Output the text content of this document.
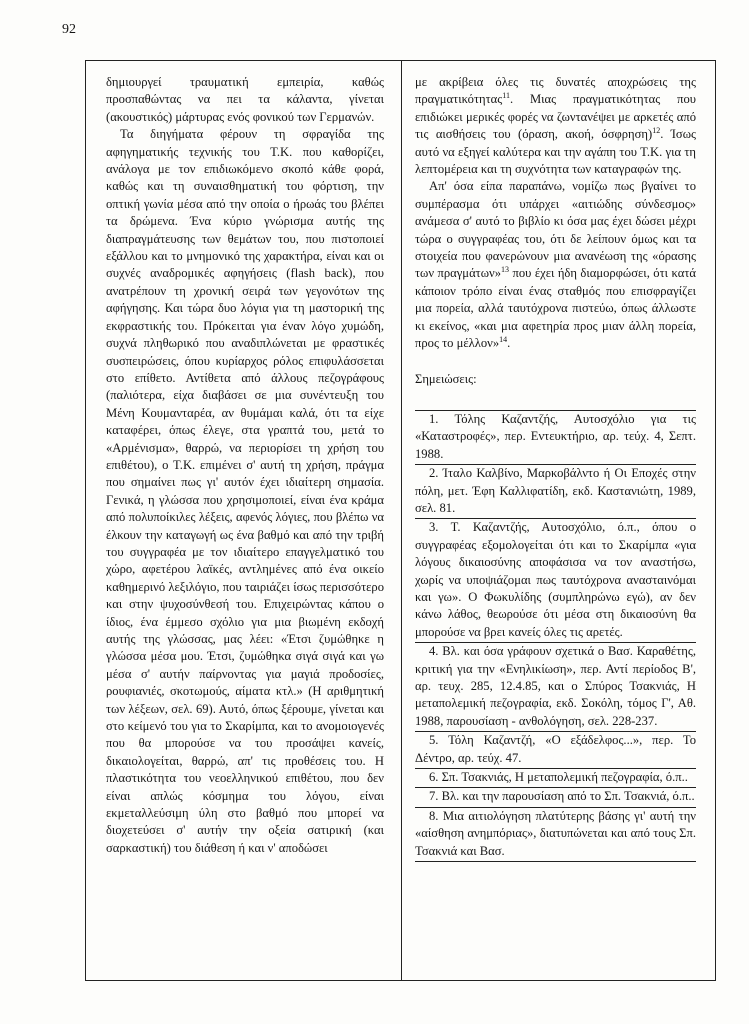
92

δημιουργεί τραυματική εμπειρία, καθώς προσπαθώντας να πει τα κάλαντα, γίνεται (ακουστικός) μάρτυρας ενός φονικού των Γερμανών.

Τα διηγήματα φέρουν τη σφραγίδα της αφηγηματικής τεχνικής του Τ.Κ. που καθορίζει, ανάλογα με τον επιδιωκόμενο σκοπό κάθε φορά, καθώς και τη συναισθηματική του φόρτιση, την οπτική γωνία μέσα από την οποία ο ήρωάς του βλέπει τα δρώμενα. Ένα κύριο γνώρισμα αυτής της διαπραγμάτευσης των θεμάτων του, που πιστοποιεί εξάλλου και το μνημονικό της χαρακτήρα, είναι και οι συχνές αναδρομικές αφηγήσεις (flash back), που ανατρέπουν τη χρονική σειρά των γεγονότων της αφήγησης. Και τώρα δυο λόγια για τη μαστορική της εκφραστικής του. Πρόκειται για έναν λόγο χυμώδη, συχνά πληθωρικό που αναδιπλώνεται με φραστικές συσπειρώσεις, όπου κυρίαρχος ρόλος επιφυλάσσεται στο επίθετο. Αντίθετα από άλλους πεζογράφους (παλιότερα, είχα διαβάσει σε μια συνέντευξη του Μένη Κουμανταρέα, αν θυμάμαι καλά, ότι τα είχε καταφέρει, όπως έλεγε, στα γραπτά του, μετά το «Αρμένισμα», θαρρώ, να περιορίσει τη χρήση του επιθέτου), ο Τ.Κ. επιμένει σ' αυτή τη χρήση, πράγμα που σημαίνει πως γι' αυτόν έχει ιδιαίτερη σημασία. Γενικά, η γλώσσα που χρησιμοποιεί, είναι ένα κράμα από πολυποίκιλες λέξεις, αφενός λόγιες, που βλέπω να έλκουν την καταγωγή ως ένα βαθμό και από την τριβή του συγγραφέα με τον ιδιαίτερο επαγγελματικό του χώρο, αφετέρου λαϊκές, αντλημένες από ένα οικείο καθημερινό λεξιλόγιο, που ταιριάζει ίσως περισσότερο και στην ψυχοσύνθεσή του. Επιχειρώντας κάπου ο ίδιος, ένα έμμεσο σχόλιο για μια βιωμένη εκδοχή αυτής της γλώσσας, μας λέει: «Έτσι ζυμώθηκε η γλώσσα μέσα μου. Έτσι, ζυμώθηκα σιγά σιγά και γω μέσα σ' αυτήν παίρνοντας για μαγιά προδοσίες, ρουφιανιές, σκοτωμούς, αίματα κτλ.» (Η αριθμητική των λέξεων, σελ. 69). Αυτό, όπως ξέρουμε, γίνεται και στο κείμενό του για το Σκαρίμπα, και το ανομοιογενές που θα μπορούσε να του προσάψει κανείς, δικαιολογείται, θαρρώ, απ' τις προθέσεις του. Η πλαστικότητα του νεοελληνικού επιθέτου, που δεν είναι απλώς κόσμημα του λόγου, είναι εκμεταλλεύσιμη ύλη στο βαθμό που μπορεί να διοχετεύσει σ' αυτήν την οξεία σατιρική (και σαρκαστική) του διάθεση ή και ν' αποδώσει

με ακρίβεια όλες τις δυνατές αποχρώσεις της πραγματικότητας$^{11}$. Μιας πραγματικότητας που επιδιώκει μερικές φορές να ζωντανέψει με αρκετές από τις αισθήσεις του (όραση, ακοή, όσφρηση)$^{12}$. Ίσως αυτό να εξηγεί καλύτερα και την αγάπη του Τ.Κ. για τη λεπτομέρεια και τη συχνότητα των καταγραφών της.

Απ' όσα είπα παραπάνω, νομίζω πως βγαίνει το συμπέρασμα ότι υπάρχει «αιτιώδης σύνδεσμος» ανάμεσα σ' αυτό το βιβλίο κι όσα μας έχει δώσει μέχρι τώρα ο συγγραφέας του, ότι δε λείπουν όμως και τα στοιχεία που φανερώνουν μια ανανέωση της «όρασης των πραγμάτων»$^{13}$ που έχει ήδη διαμορφώσει, ότι κατά κάποιον τρόπο είναι ένας σταθμός που επισφραγίζει μια πορεία, αλλά ταυτόχρονα πιστεύω, όπως άλλωστε κι εκείνος, «και μια αφετηρία προς μιαν άλλη πορεία, προς το μέλλον»$^{14}$.

Σημειώσεις:

1. Τόλης Καζαντζής, Αυτοσχόλιο για τις «Καταστροφές», περ. Εντευκτήριο, αρ. τεύχ. 4, Σεπτ. 1988.

2. Ίταλο Καλβίνο, Μαρκοβάλντο ή Οι Εποχές στην πόλη, μετ. Έφη Καλλιφατίδη, εκδ. Καστανιώτη, 1989, σελ. 81.

3. Τ. Καζαντζής, Αυτοσχόλιο, ό.π., όπου ο συγγραφέας εξομολογείται ότι και το Σκαρίμπα «για λόγους δικαιοσύνης αποφάσισα να τον αναστήσω, χωρίς να υποψιάζομαι πως ταυτόχρονα ανασταινόμαι και γω». Ο Φωκυλίδης (συμπληρώνω εγώ), αν δεν κάνω λάθος, θεωρούσε ότι μέσα στη δικαιοσύνη θα μπορούσε να βρει κανείς όλες τις αρετές.

4. Βλ. και όσα γράφουν σχετικά ο Βασ. Καραθέτης, κριτική για την «Ενηλικίωση», περ. Αντί περίοδος Β', αρ. τευχ. 285, 12.4.85, και ο Σπύρος Τσακνιάς, Η μεταπολεμική πεζογραφία, εκδ. Σοκόλη, τόμος Γ', Αθ. 1988, παρουσίαση - ανθολόγηση, σελ. 228-237.

5. Τόλη Καζαντζή, «Ο εξάδελφος...», περ. Το Δέντρο, αρ. τεύχ. 47.

6. Σπ. Τσακνιάς, Η μεταπολεμική πεζογραφία, ό.π..

7. Βλ. και την παρουσίαση από το Σπ. Τσακνιά, ό.π..

8. Μια αιτιολόγηση πλατύτερης βάσης γι' αυτή την «αίσθηση ανημπόριας», διατυπώνεται και από τους Σπ. Τσακνιά και Βασ.
